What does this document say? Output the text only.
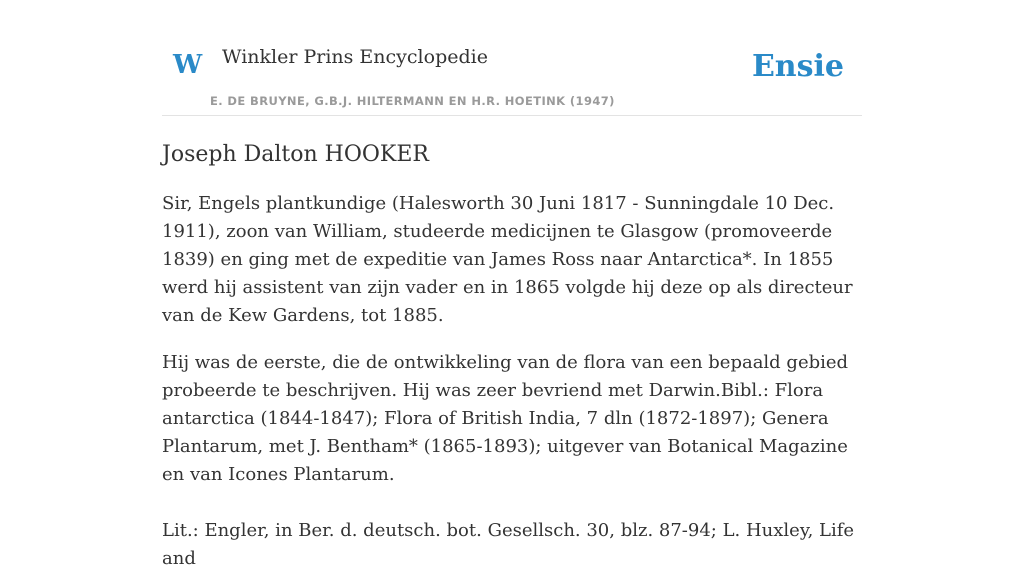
W Winkler Prins Encyclopedie
E. DE BRUYNE, G.B.J. HILTERMANN EN H.R. HOETINK (1947)
Ensie
Joseph Dalton HOOKER

Sir, Engels plantkundige (Halesworth 30 Juni 1817 - Sunningdale 10 Dec. 1911), zoon van William, studeerde medicijnen te Glasgow (promoveerde 1839) en ging met de expeditie van James Ross naar Antarctica*. In 1855 werd hij assistent van zijn vader en in 1865 volgde hij deze op als directeur van de Kew Gardens, tot 1885.

Hij was de eerste, die de ontwikkeling van de flora van een bepaald gebied probeerde te beschrijven. Hij was zeer bevriend met Darwin.Bibl.: Flora antarctica (1844-1847); Flora of British India, 7 dln (1872-1897); Genera Plantarum, met J. Bentham* (1865-1893); uitgever van Botanical Magazine en van Icones Plantarum.

Lit.: Engler, in Ber. d. deutsch. bot. Gesellsch. 30, blz. 87-94; L. Huxley, Life and
